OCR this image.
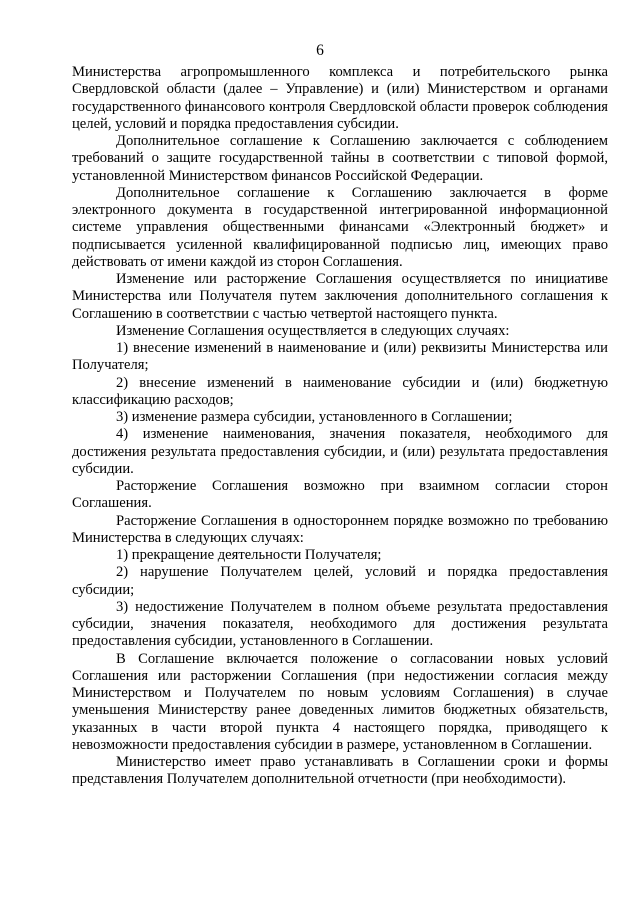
6

Министерства агропромышленного комплекса и потребительского рынка Свердловской области (далее – Управление) и (или) Министерством и органами государственного финансового контроля Свердловской области проверок соблюдения целей, условий и порядка предоставления субсидии.

Дополнительное соглашение к Соглашению заключается с соблюдением требований о защите государственной тайны в соответствии с типовой формой, установленной Министерством финансов Российской Федерации.

Дополнительное соглашение к Соглашению заключается в форме электронного документа в государственной интегрированной информационной системе управления общественными финансами «Электронный бюджет» и подписывается усиленной квалифицированной подписью лиц, имеющих право действовать от имени каждой из сторон Соглашения.

Изменение или расторжение Соглашения осуществляется по инициативе Министерства или Получателя путем заключения дополнительного соглашения к Соглашению в соответствии с частью четвертой настоящего пункта.

Изменение Соглашения осуществляется в следующих случаях:

1) внесение изменений в наименование и (или) реквизиты Министерства или Получателя;

2) внесение изменений в наименование субсидии и (или) бюджетную классификацию расходов;

3) изменение размера субсидии, установленного в Соглашении;

4) изменение наименования, значения показателя, необходимого для достижения результата предоставления субсидии, и (или) результата предоставления субсидии.

Расторжение Соглашения возможно при взаимном согласии сторон Соглашения.

Расторжение Соглашения в одностороннем порядке возможно по требованию Министерства в следующих случаях:

1) прекращение деятельности Получателя;

2) нарушение Получателем целей, условий и порядка предоставления субсидии;

3) недостижение Получателем в полном объеме результата предоставления субсидии, значения показателя, необходимого для достижения результата предоставления субсидии, установленного в Соглашении.

В Соглашение включается положение о согласовании новых условий Соглашения или расторжении Соглашения (при недостижении согласия между Министерством и Получателем по новым условиям Соглашения) в случае уменьшения Министерству ранее доведенных лимитов бюджетных обязательств, указанных в части второй пункта 4 настоящего порядка, приводящего к невозможности предоставления субсидии в размере, установленном в Соглашении.

Министерство имеет право устанавливать в Соглашении сроки и формы представления Получателем дополнительной отчетности (при необходимости).
